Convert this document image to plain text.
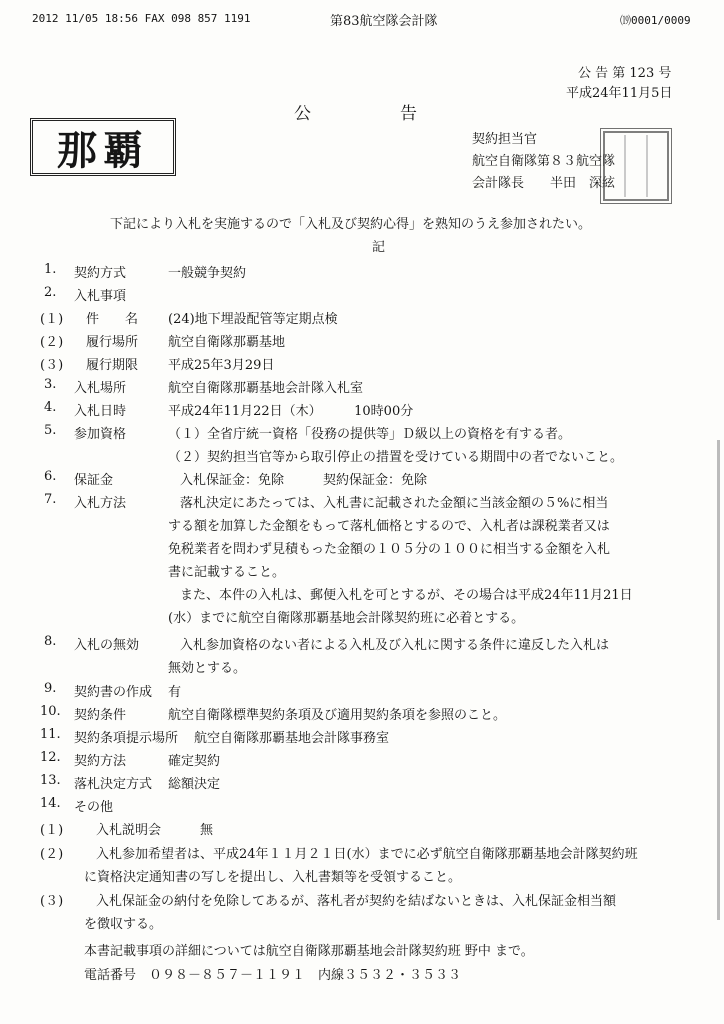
2012 11/05 18:56 FAX 098 857 1191	第83航空隊会計隊	⒆0001/0009
公 告 第 123 号
平成24年11月5日
公	告
那覇	契約担当官
航空自衛隊第８３航空隊
会計隊長　　半田　深絃
下記により入札を実施するので「入札及び契約心得」を熟知のうえ参加されたい。
記
1. 契約方式	一般競争契約
2. 入札事項
(１) 件　　名 (24)地下埋設配管等定期点検
(２) 履行場所 航空自衛隊那覇基地
(３) 履行期限 平成25年3月29日
3. 入札場所	航空自衛隊那覇基地会計隊入札室
4. 入札日時	平成24年11月22日（木）　　　10時00分
5. 参加資格	（１）全省庁統一資格「役務の提供等」Ｄ級以上の資格を有する者。
（２）契約担当官等から取引停止の措置を受けている期間中の者でないこと。
6. 保証金	入札保証金：免除　　　契約保証金：免除
7. 入札方法	落札決定にあたっては、入札書に記載された金額に当該金額の５%に相当
する額を加算した金額をもって落札価格とするので、入札者は課税業者又は
免税業者を問わず見積もった金額の１０５分の１００に相当する金額を入札
書に記載すること。
また、本件の入札は、郵便入札を可とするが、その場合は平成24年11月21日
(水）までに航空自衛隊那覇基地会計隊契約班に必着とする。
8. 入札の無効	入札参加資格のない者による入札及び入札に関する条件に違反した入札は
無効とする。
9. 契約書の作成 有
10. 契約条件	航空自衛隊標準契約条項及び適用契約条項を参照のこと。
11. 契約条項提示場所 航空自衛隊那覇基地会計隊事務室
12. 契約方法	確定契約
13. 落札決定方式 総額決定
14. その他
(１)	入札説明会	無
(２)	入札参加希望者は、平成24年１１月２１日(水）までに必ず航空自衛隊那覇基地会計隊契約班
に資格決定通知書の写しを提出し、入札書類等を受領すること。
(３)	入札保証金の納付を免除してあるが、落札者が契約を結ばないときは、入札保証金相当額
を徴収する。
本書記載事項の詳細については航空自衛隊那覇基地会計隊契約班 野中 まで。
電話番号　０９８－８５７－１１９１　内線３５３２・３５３３
